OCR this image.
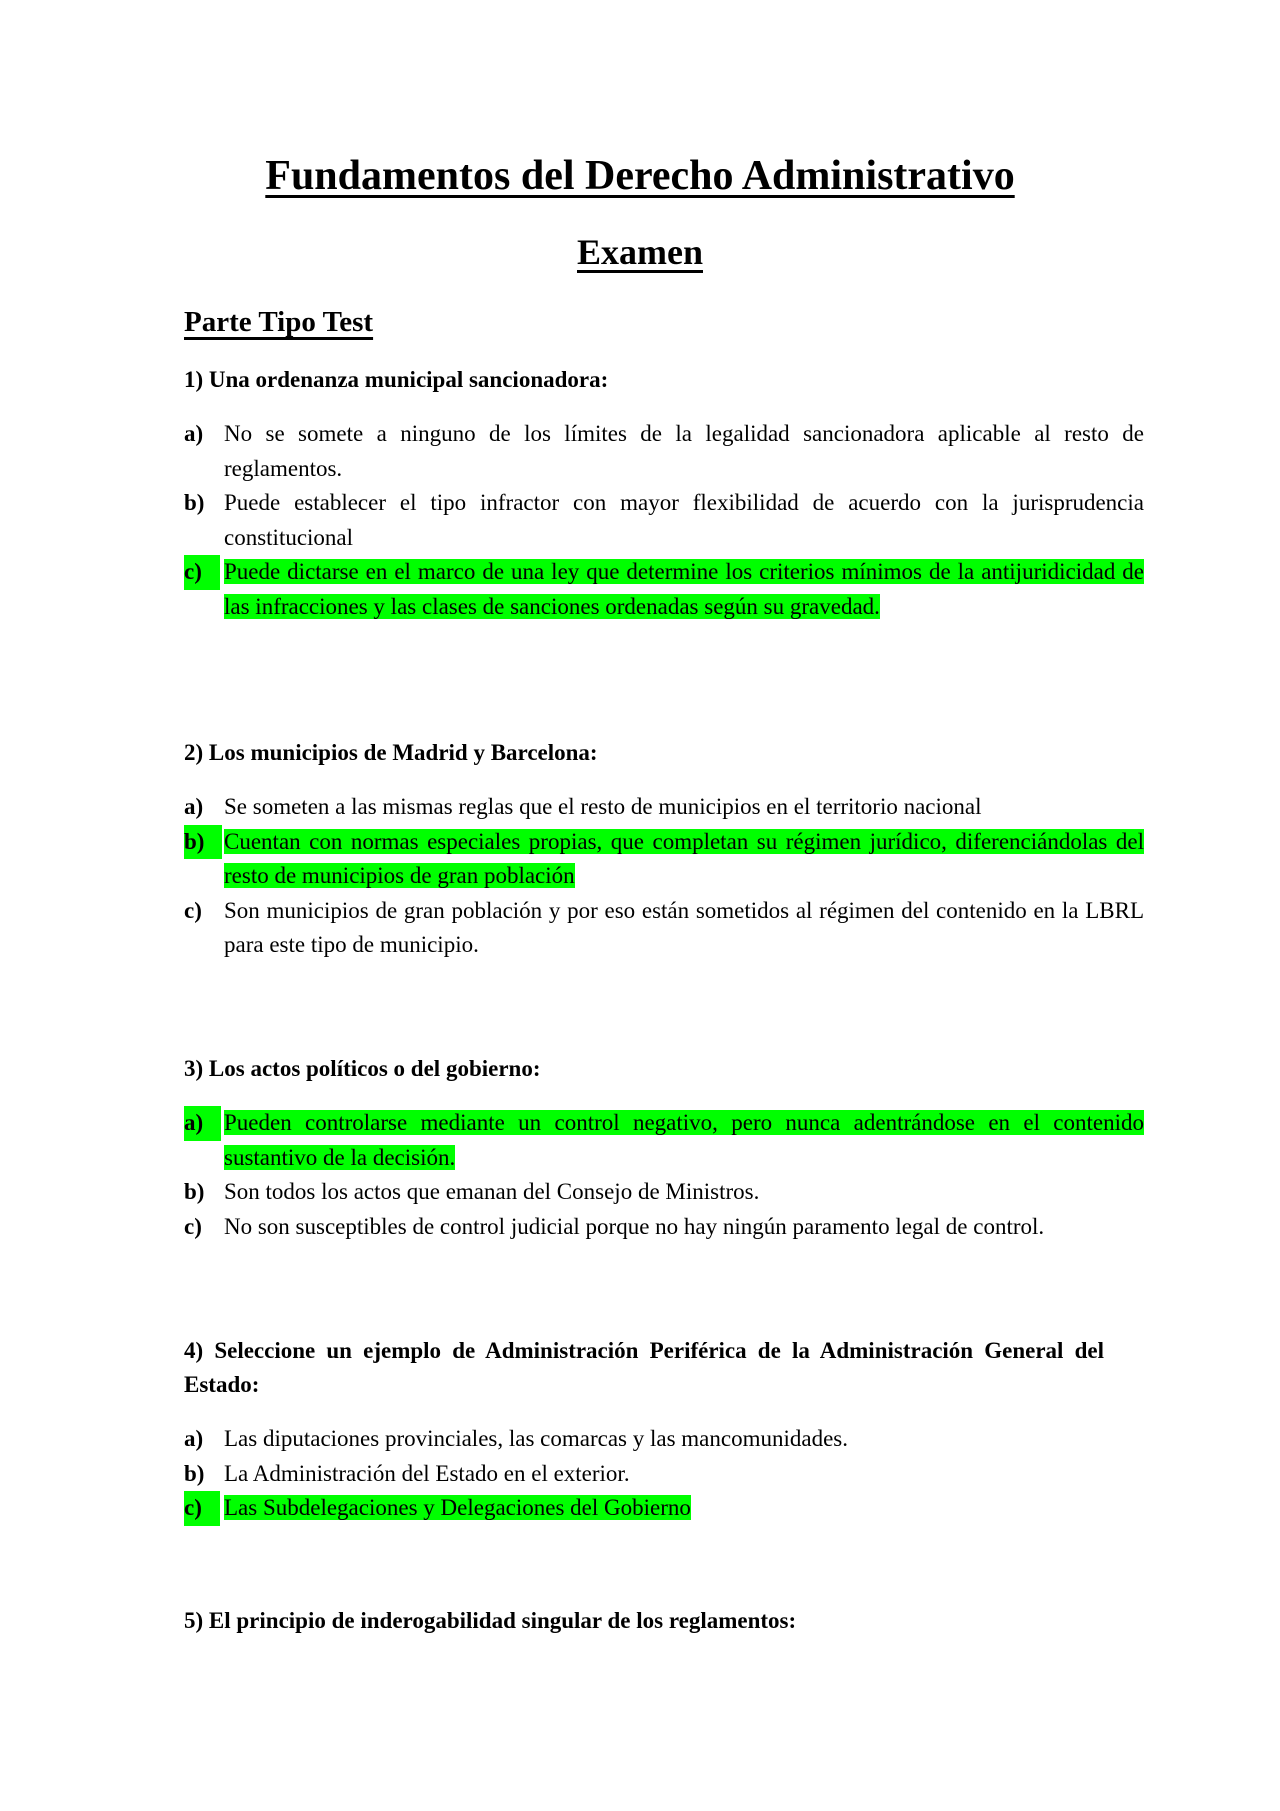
Fundamentos del Derecho Administrativo
Examen
Parte Tipo Test

1) Una ordenanza municipal sancionadora:

a) No se somete a ninguno de los límites de la legalidad sancionadora aplicable al resto de reglamentos.
b) Puede establecer el tipo infractor con mayor flexibilidad de acuerdo con la jurisprudencia constitucional
c) Puede dictarse en el marco de una ley que determine los criterios mínimos de la antijuridicidad de las infracciones y las clases de sanciones ordenadas según su gravedad.

2) Los municipios de Madrid y Barcelona:

a) Se someten a las mismas reglas que el resto de municipios en el territorio nacional
b) Cuentan con normas especiales propias, que completan su régimen jurídico, diferenciándolas del resto de municipios de gran población
c) Son municipios de gran población y por eso están sometidos al régimen del contenido en la LBRL para este tipo de municipio.

3) Los actos políticos o del gobierno:

a) Pueden controlarse mediante un control negativo, pero nunca adentrándose en el contenido sustantivo de la decisión.
b) Son todos los actos que emanan del Consejo de Ministros.
c) No son susceptibles de control judicial porque no hay ningún paramento legal de control.

4) Seleccione un ejemplo de Administración Periférica de la Administración General del Estado:

a) Las diputaciones provinciales, las comarcas y las mancomunidades.
b) La Administración del Estado en el exterior.
c) Las Subdelegaciones y Delegaciones del Gobierno

5) El principio de inderogabilidad singular de los reglamentos:
